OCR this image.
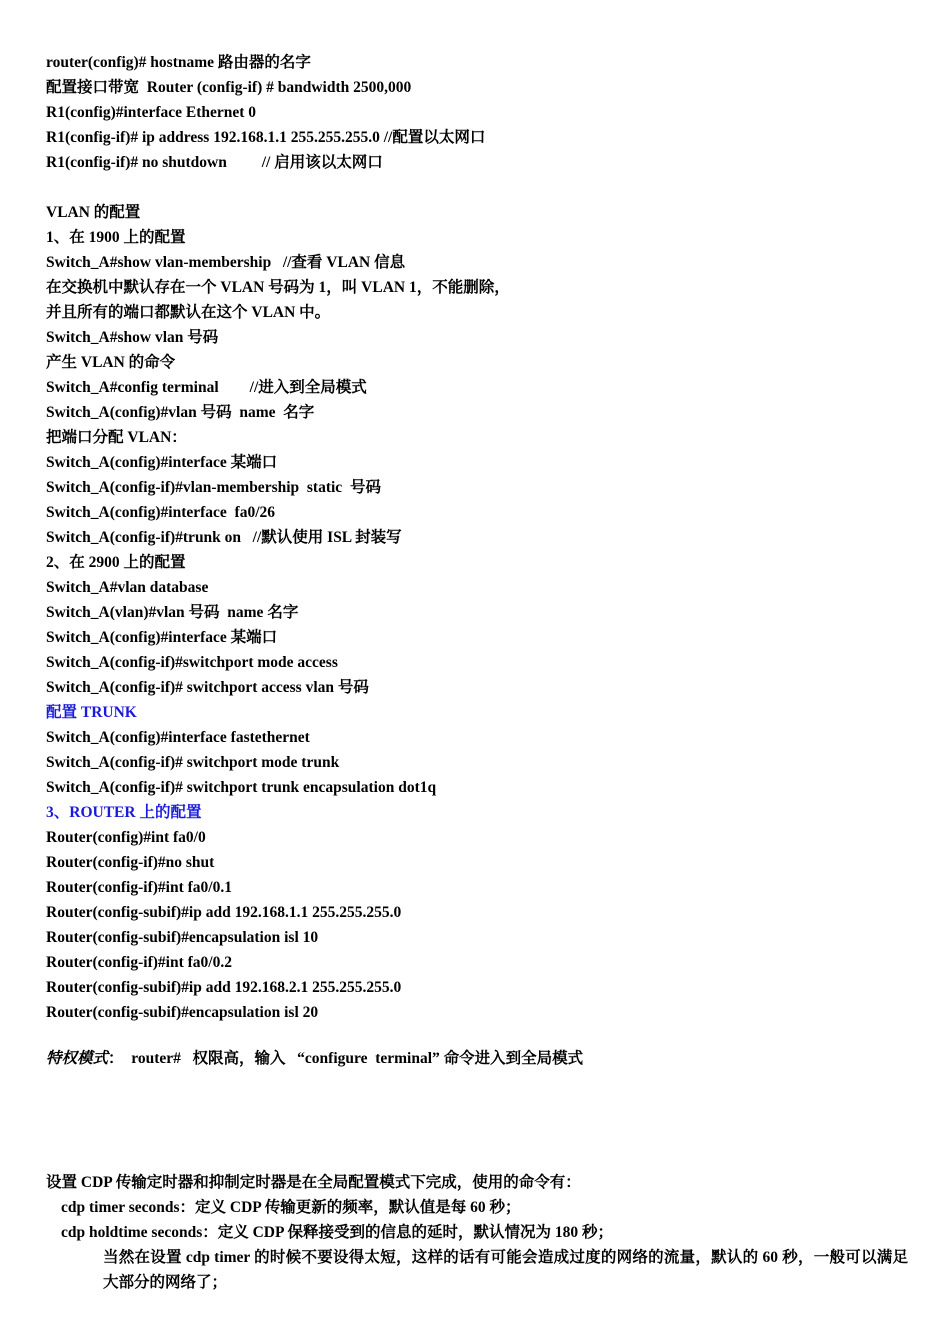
router(config)# hostname 路由器的名字
配置接口带宽  Router (config-if) # bandwidth 2500,000
R1(config)#interface Ethernet 0
R1(config-if)# ip address 192.168.1.1 255.255.255.0 //配置以太网口
R1(config-if)# no shutdown         // 启用该以太网口
VLAN 的配置
1、在 1900 上的配置
Switch_A#show vlan-membership   //查看 VLAN 信息
在交换机中默认存在一个 VLAN 号码为 1，叫 VLAN 1，不能删除，
并且所有的端口都默认在这个 VLAN 中。
Switch_A#show vlan 号码
产生 VLAN 的命令
Switch_A#config terminal        //进入到全局模式
Switch_A(config)#vlan 号码  name  名字
把端口分配 VLAN：
Switch_A(config)#interface 某端口
Switch_A(config-if)#vlan-membership  static  号码
Switch_A(config)#interface  fa0/26
Switch_A(config-if)#trunk on   //默认使用 ISL 封装写
2、在 2900 上的配置
Switch_A#vlan database
Switch_A(vlan)#vlan 号码  name 名字
Switch_A(config)#interface 某端口
Switch_A(config-if)#switchport mode access
Switch_A(config-if)# switchport access vlan 号码
配置 TRUNK
Switch_A(config)#interface fastethernet
Switch_A(config-if)# switchport mode trunk
Switch_A(config-if)# switchport trunk encapsulation dot1q
3、ROUTER 上的配置
Router(config)#int fa0/0
Router(config-if)#no shut
Router(config-if)#int fa0/0.1
Router(config-subif)#ip add 192.168.1.1 255.255.255.0
Router(config-subif)#encapsulation isl 10
Router(config-if)#int fa0/0.2
Router(config-subif)#ip add 192.168.2.1 255.255.255.0
Router(config-subif)#encapsulation isl 20
特权模式：  router#   权限高，输入   “configure  terminal” 命令进入到全局模式
设置 CDP 传输定时器和抑制定时器是在全局配置模式下完成，使用的命令有：
cdp timer seconds：定义 CDP 传输更新的频率，默认值是每 60 秒；
cdp holdtime seconds：定义 CDP 保释接受到的信息的延时，默认情况为 180 秒；
当然在设置 cdp timer 的时候不要设得太短，这样的话有可能会造成过度的网络的流量，默认的 60 秒，一般可以满足大部分的网络了；
